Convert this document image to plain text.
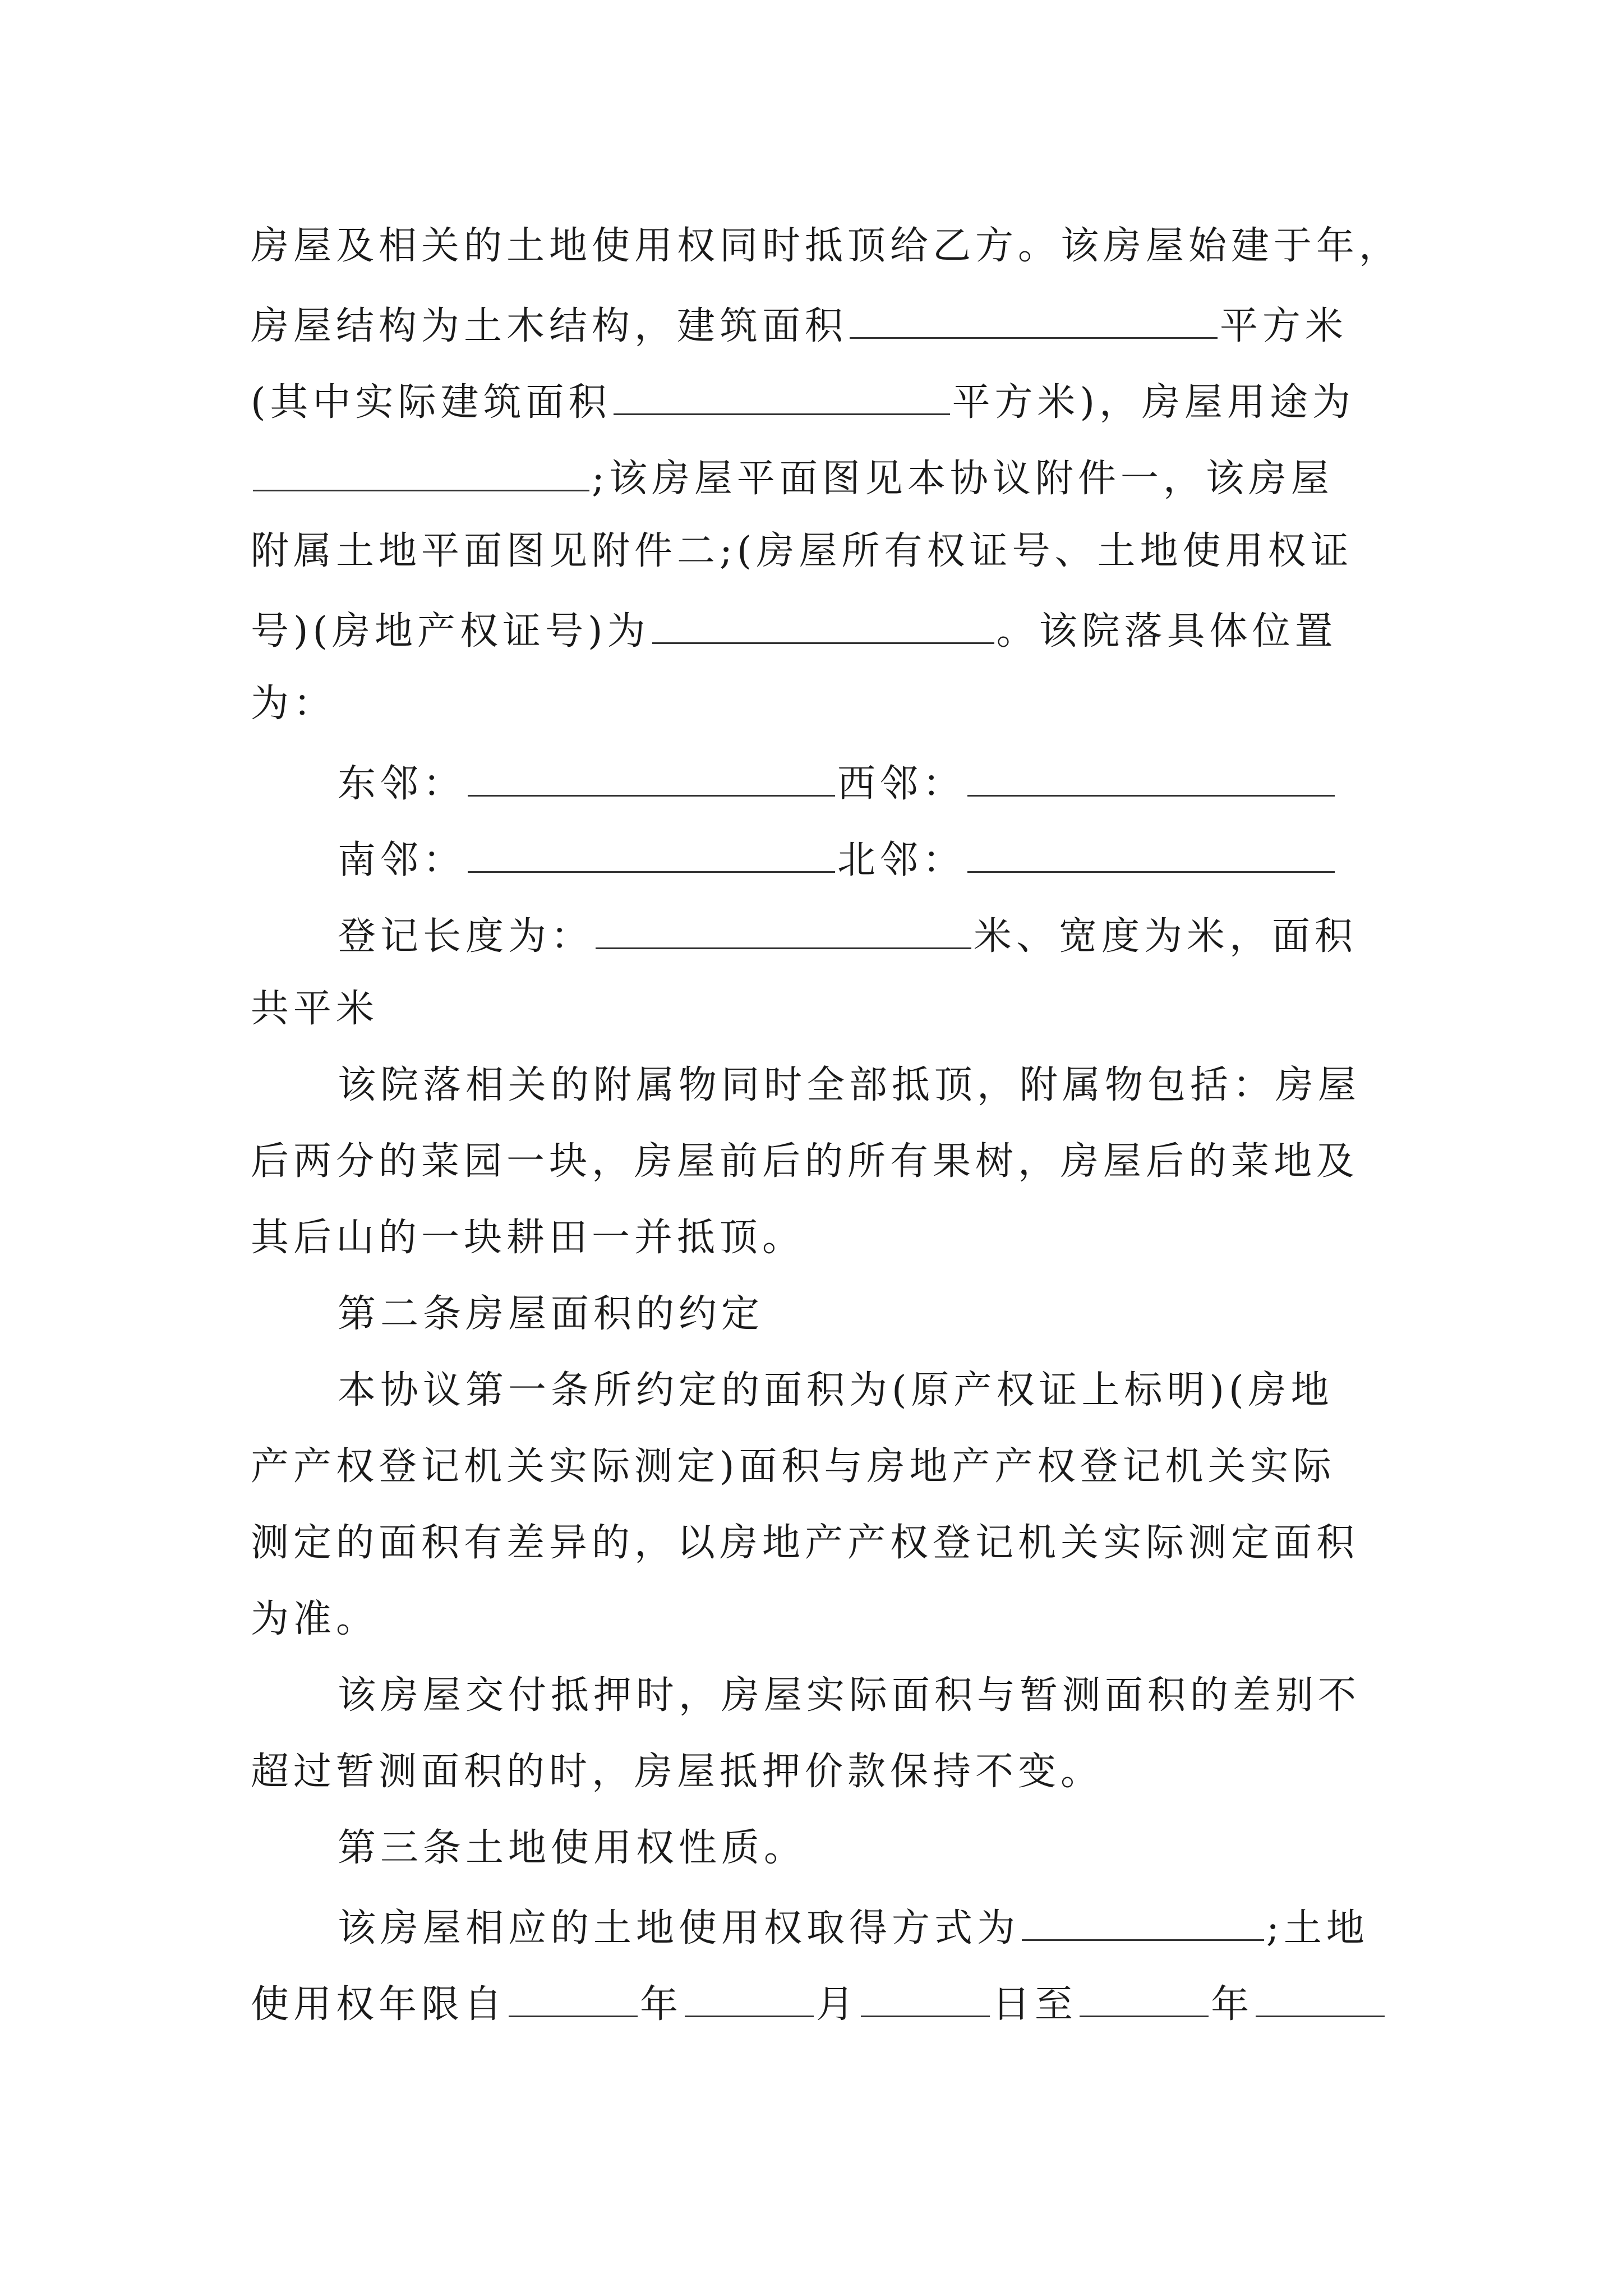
房屋及相关的土地使用权同时抵顶给乙方。该房屋始建于年，
房屋结构为土木结构，建筑面积	平方米
(其中实际建筑面积	平方米)，房屋用途为
;该房屋平面图见本协议附件一，该房屋
附属土地平面图见附件二;(房屋所有权证号、土地使用权证
号)(房地产权证号)为	。该院落具体位置
为：
东邻：	西邻：
南邻：	北邻：
登记长度为：	米、宽度为米，面积
共平米
该院落相关的附属物同时全部抵顶，附属物包括：房屋
后两分的菜园一块，房屋前后的所有果树，房屋后的菜地及
其后山的一块耕田一并抵顶。
第二条房屋面积的约定
本协议第一条所约定的面积为(原产权证上标明)(房地
产产权登记机关实际测定)面积与房地产产权登记机关实际
测定的面积有差异的，以房地产产权登记机关实际测定面积
为准。
该房屋交付抵押时，房屋实际面积与暂测面积的差别不
超过暂测面积的时，房屋抵押价款保持不变。
第三条土地使用权性质。
该房屋相应的土地使用权取得方式为	;土地
使用权年限自	年	月	日至	年
